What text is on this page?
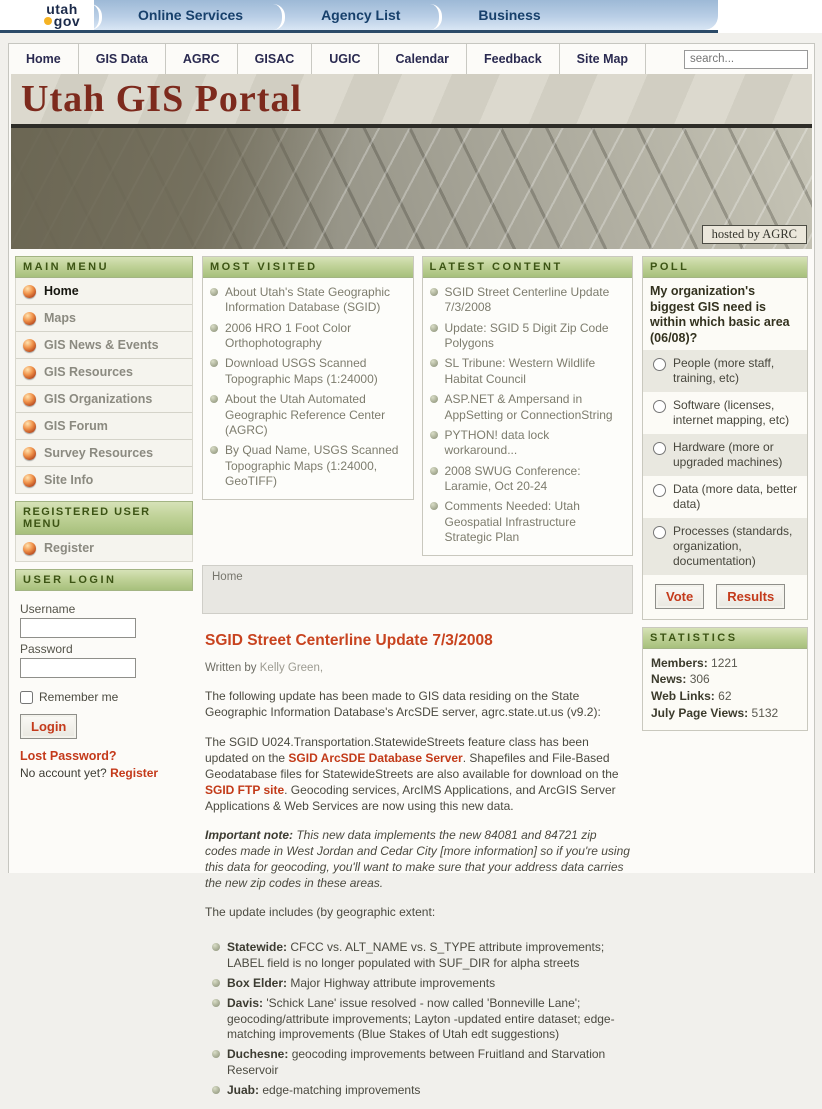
utah
gov	Online Services	Agency List	Business
Home	GIS Data	AGRC	GISAC	UGIC	Calendar	Feedback	Site Map
search...
Utah GIS Portal
hosted by AGRC
MAIN MENU
Home
Maps
GIS News & Events
GIS Resources
GIS Organizations
GIS Forum
Survey Resources
Site Info
REGISTERED USER MENU
Register
USER LOGIN
Username
Password
Remember me
Login
Lost Password?
No account yet? Register
MOST VISITED
About Utah's State Geographic Information Database (SGID)
2006 HRO 1 Foot Color Orthophotography
Download USGS Scanned Topographic Maps (1:24000)
About the Utah Automated Geographic Reference Center (AGRC)
By Quad Name, USGS Scanned Topographic Maps (1:24000, GeoTIFF)
LATEST CONTENT
SGID Street Centerline Update 7/3/2008
Update: SGID 5 Digit Zip Code Polygons
SL Tribune: Western Wildlife Habitat Council
ASP.NET & Ampersand in AppSetting or ConnectionString
PYTHON! data lock workaround...
2008 SWUG Conference: Laramie, Oct 20-24
Comments Needed: Utah Geospatial Infrastructure Strategic Plan
Home
SGID Street Centerline Update 7/3/2008
Written by Kelly Green,

The following update has been made to GIS data residing on the State Geographic Information Database's ArcSDE server, agrc.state.ut.us (v9.2):

The SGID U024.Transportation.StatewideStreets feature class has been updated on the SGID ArcSDE Database Server. Shapefiles and File-Based Geodatabase files for StatewideStreets are also available for download on the SGID FTP site. Geocoding services, ArcIMS Applications, and ArcGIS Server Applications & Web Services are now using this new data.

Important note: This new data implements the new 84081 and 84721 zip codes made in West Jordan and Cedar City [more information] so if you're using this data for geocoding, you'll want to make sure that your address data carries the new zip codes in these areas.

The update includes (by geographic extent:

Statewide: CFCC vs. ALT_NAME vs. S_TYPE attribute improvements; LABEL field is no longer populated with SUF_DIR for alpha streets
Box Elder: Major Highway attribute improvements
Davis: 'Schick Lane' issue resolved - now called 'Bonneville Lane'; geocoding/attribute improvements; Layton -updated entire dataset; edge-matching improvements (Blue Stakes of Utah edt suggestions)
Duchesne: geocoding improvements between Fruitland and Starvation Reservoir
Juab: edge-matching improvements
POLL
My organization's biggest GIS need is within which basic area (06/08)?
People (more staff, training, etc)
Software (licenses, internet mapping, etc)
Hardware (more or upgraded machines)
Data (more data, better data)
Processes (standards, organization, documentation)
Vote	Results
STATISTICS
Members: 1221
News: 306
Web Links: 62
July Page Views: 5132
